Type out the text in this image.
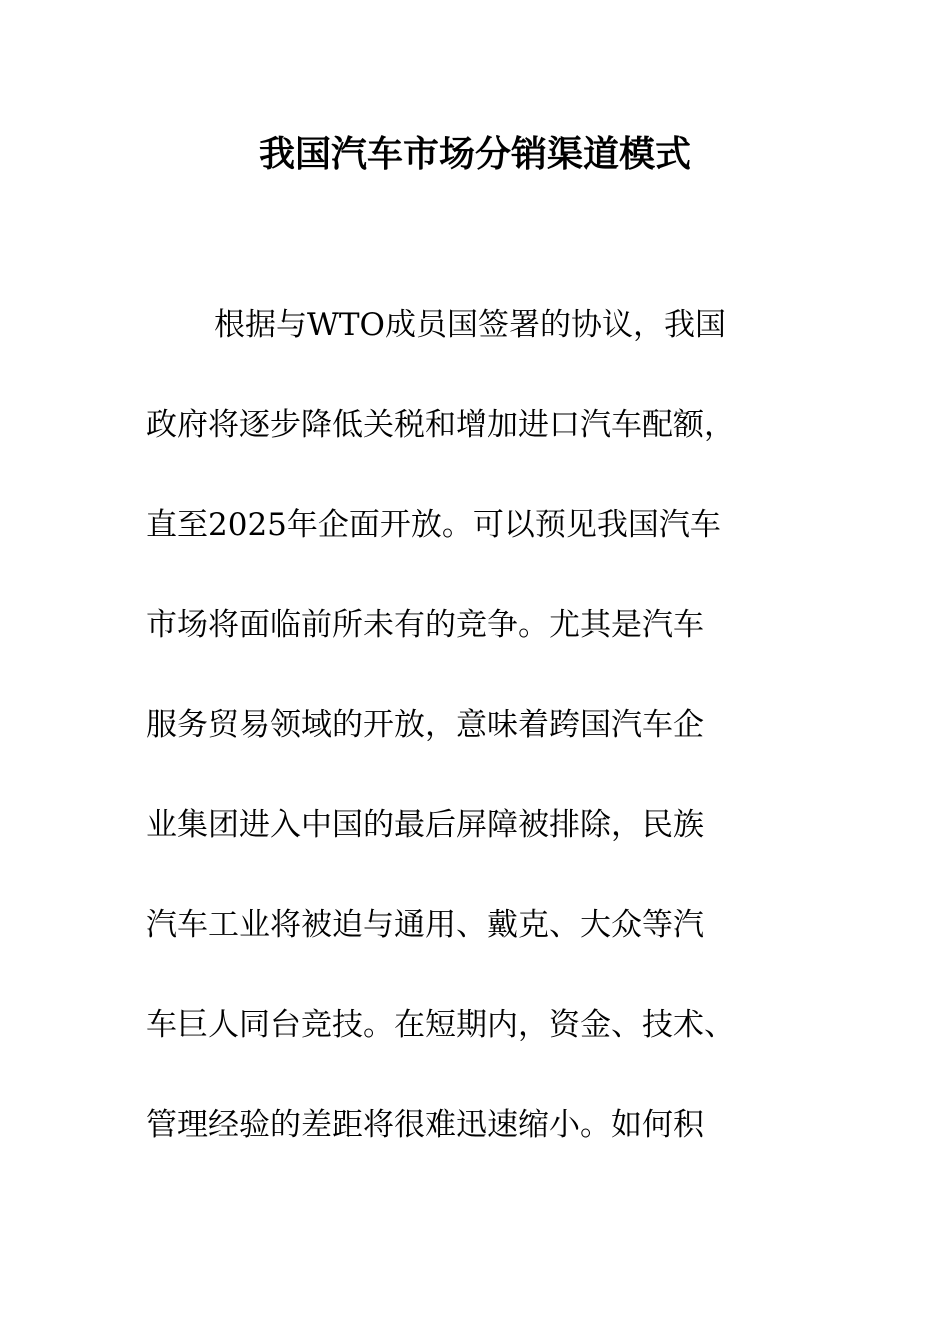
我国汽车市场分销渠道模式
根据与WTO成员国签署的协议，我国
政府将逐步降低关税和增加进口汽车配额，
直至2025年企面开放。可以预见我国汽车
市场将面临前所未有的竞争。尤其是汽车
服务贸易领域的开放，意味着跨国汽车企
业集团进入中国的最后屏障被排除，民族
汽车工业将被迫与通用、戴克、大众等汽
车巨人同台竞技。在短期内，资金、技术、
管理经验的差距将很难迅速缩小。如何积
